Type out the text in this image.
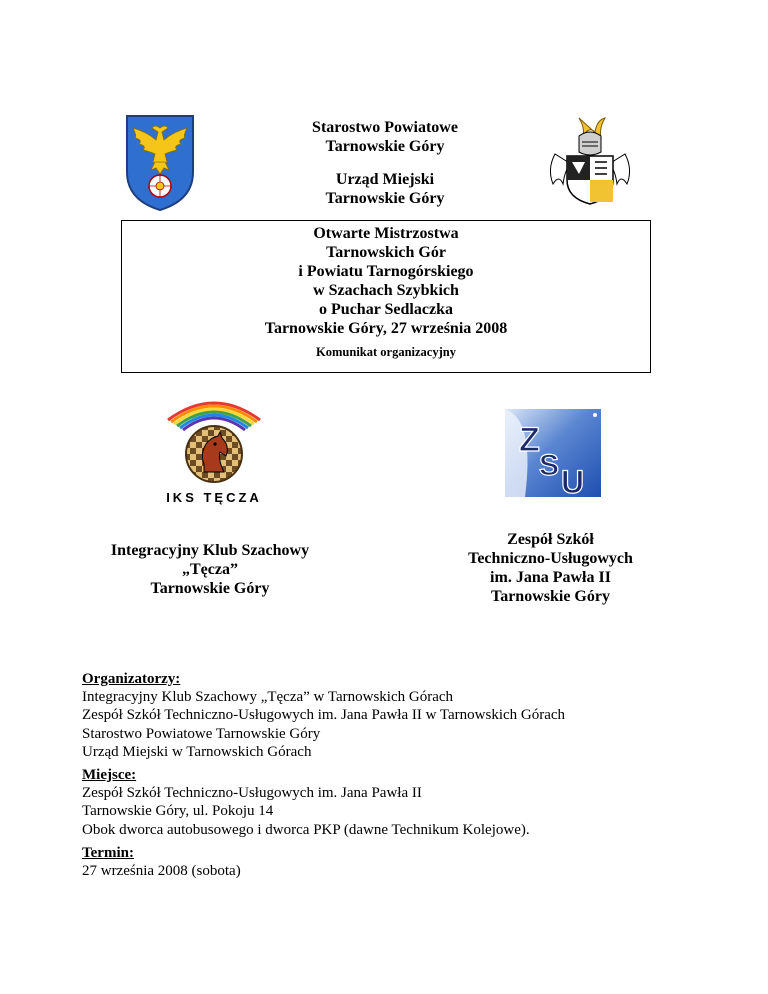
Starostwo Powiatowe
Tarnowskie Góry
Urząd Miejski
Tarnowskie Góry
Otwarte Mistrzostwa
Tarnowskich Gór
i Powiatu Tarnogórskiego
w Szachach Szybkich
o Puchar Sedlaczka
Tarnowskie Góry, 27 września 2008
Komunikat organizacyjny
IKS TĘCZA
Z
S U
Integracyjny Klub Szachowy
„Tęcza”
Tarnowskie Góry
Zespół Szkół
Techniczno-Usługowych
im. Jana Pawła II
Tarnowskie Góry
Organizatorzy:
Integracyjny Klub Szachowy „Tęcza” w Tarnowskich Górach
Zespół Szkół Techniczno-Usługowych im. Jana Pawła II w Tarnowskich Górach
Starostwo Powiatowe Tarnowskie Góry
Urząd Miejski w Tarnowskich Górach
Miejsce:
Zespół Szkół Techniczno-Usługowych im. Jana Pawła II
Tarnowskie Góry, ul. Pokoju 14
Obok dworca autobusowego i dworca PKP (dawne Technikum Kolejowe).
Termin:
27 września 2008 (sobota)
